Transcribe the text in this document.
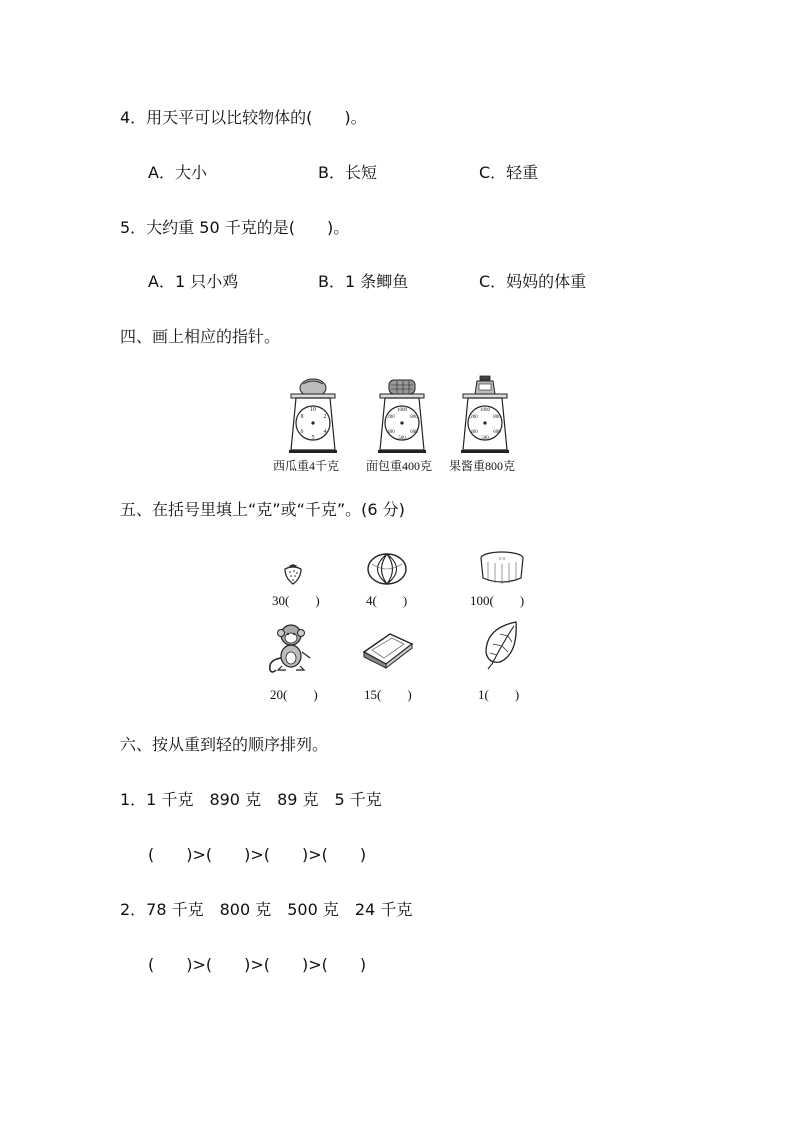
4．用天平可以比较物体的(　　)。
A．大小	B．长短	C．轻重
5．大约重 50 千克的是(　　)。
A．1 只小鸡	B．1 条鲫鱼	C．妈妈的体重
四、画上相应的指针。
10
8	2
6	4
5
西瓜重4千克
1000
200	800
400	600
500
面包重400克
1000
200	800
400	600
500
果酱重800克
五、在括号里填上“克”或“千克”。(6 分)
30(　　)	4(　　)
ㅁㅁ
100(　　)
20(　　)	15(　　)	1(　　)
六、按从重到轻的顺序排列。
1．1 千克　890 克　89 克　5 千克
(　　)>(　　)>(　　)>(　　)
2．78 千克　800 克　500 克　24 千克
(　　)>(　　)>(　　)>(　　)
